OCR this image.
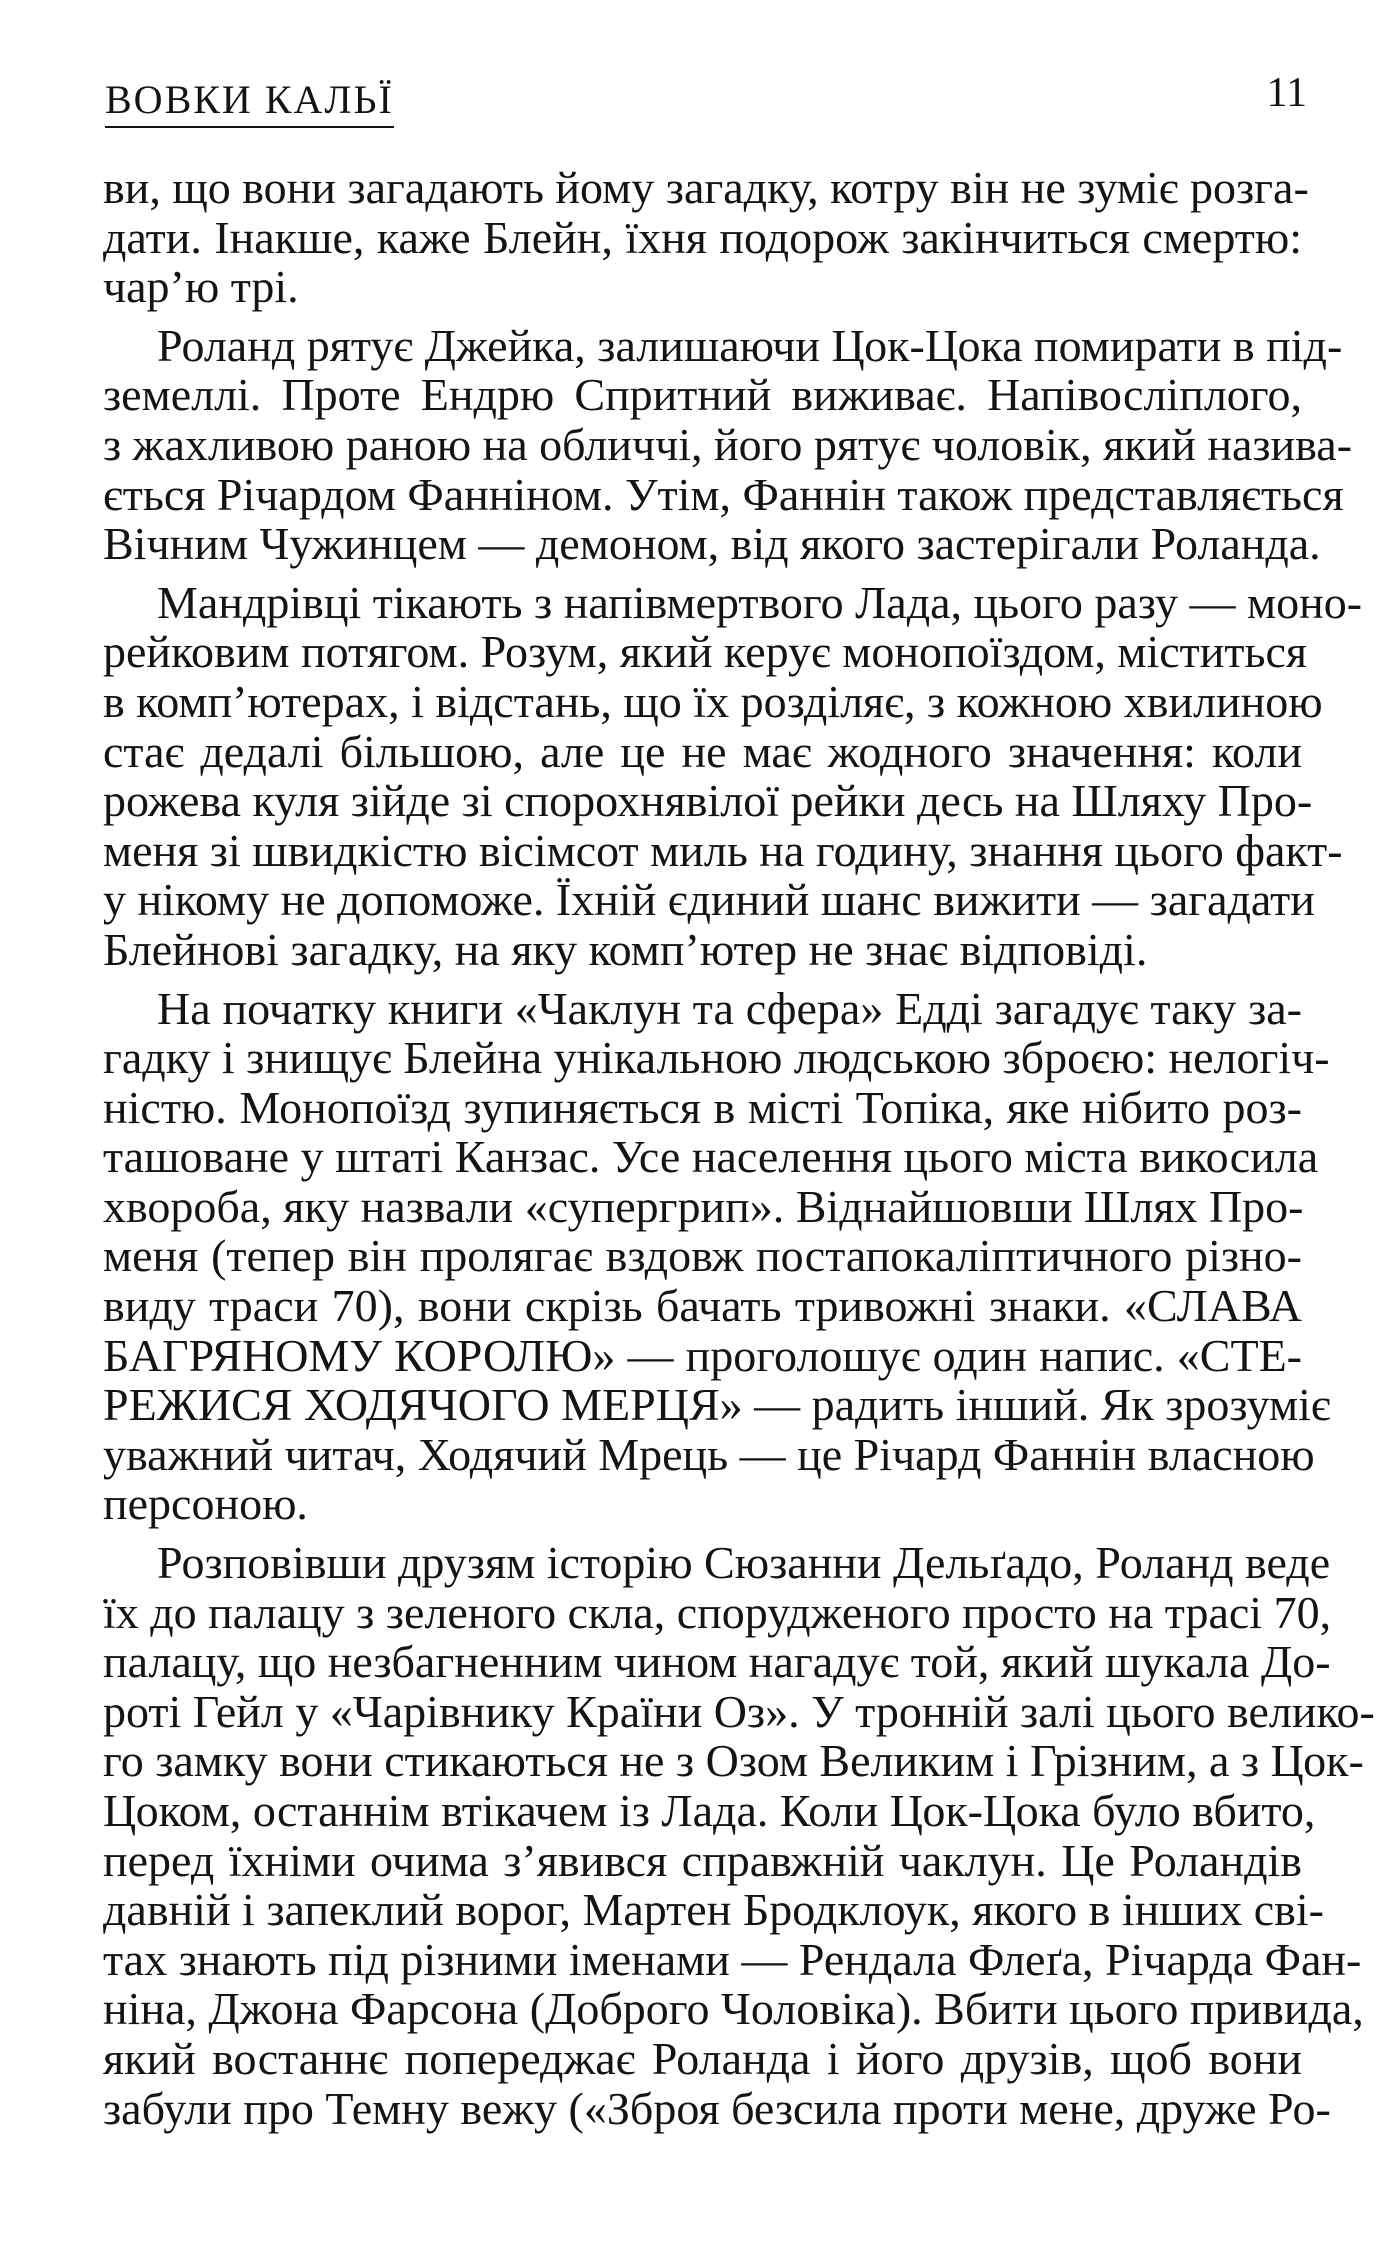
ВОВКИ КАЛЬЇ	11
ви, що вони загадають йому загадку, котру він не зуміє розга-
дати. Інакше, каже Блейн, їхня подорож закінчиться смертю:
чар’ю трі.
Роланд рятує Джейка, залишаючи Цок-Цока помирати в під-
земеллі. Проте Ендрю Спритний виживає. Напівосліплого,
з жахливою раною на обличчі, його рятує чоловік, який назива-
ється Річардом Фанніном. Утім, Фаннін також представляється
Вічним Чужинцем — демоном, від якого застерігали Роланда.
Мандрівці тікають з напівмертвого Лада, цього разу — моно-
рейковим потягом. Розум, який керує монопоїздом, міститься
в комп’ютерах, і відстань, що їх розділяє, з кожною хвилиною
стає дедалі більшою, але це не має жодного значення: коли
рожева куля зійде зі спорохнявілої рейки десь на Шляху Про-
меня зі швидкістю вісімсот миль на годину, знання цього факт-
у нікому не допоможе. Їхній єдиний шанс вижити — загадати
Блейнові загадку, на яку комп’ютер не знає відповіді.
На початку книги «Чаклун та сфера» Едді загадує таку за-
гадку і знищує Блейна унікальною людською зброєю: нелогіч-
ністю. Монопоїзд зупиняється в місті Топіка, яке нібито роз-
ташоване у штаті Канзас. Усе населення цього міста викосила
хвороба, яку назвали «супергрип». Віднайшовши Шлях Про-
меня (тепер він пролягає вздовж постапокаліптичного різно-
виду траси 70), вони скрізь бачать тривожні знаки. «СЛАВА
БАГРЯНОМУ КОРОЛЮ» — проголошує один напис. «СТЕ-
РЕЖИСЯ ХОДЯЧОГО МЕРЦЯ» — радить інший. Як зрозуміє
уважний читач, Ходячий Мрець — це Річард Фаннін власною
персоною.
Розповівши друзям історію Сюзанни Дельґадо, Роланд веде
їх до палацу з зеленого скла, спорудженого просто на трасі 70,
палацу, що незбагненним чином нагадує той, який шукала До-
роті Гейл у «Чарівнику Країни Оз». У тронній залі цього велико-
го замку вони стикаються не з Озом Великим і Грізним, а з Цок-
Цоком, останнім втікачем із Лада. Коли Цок-Цока було вбито,
перед їхніми очима з’явився справжній чаклун. Це Роландів
давній і запеклий ворог, Мартен Бродклоук, якого в інших сві-
тах знають під різними іменами — Рендала Флеґа, Річарда Фан-
ніна, Джона Фарсона (Доброго Чоловіка). Вбити цього привида,
який востаннє попереджає Роланда і його друзів, щоб вони
забули про Темну вежу («Зброя безсила проти мене, друже Ро-
